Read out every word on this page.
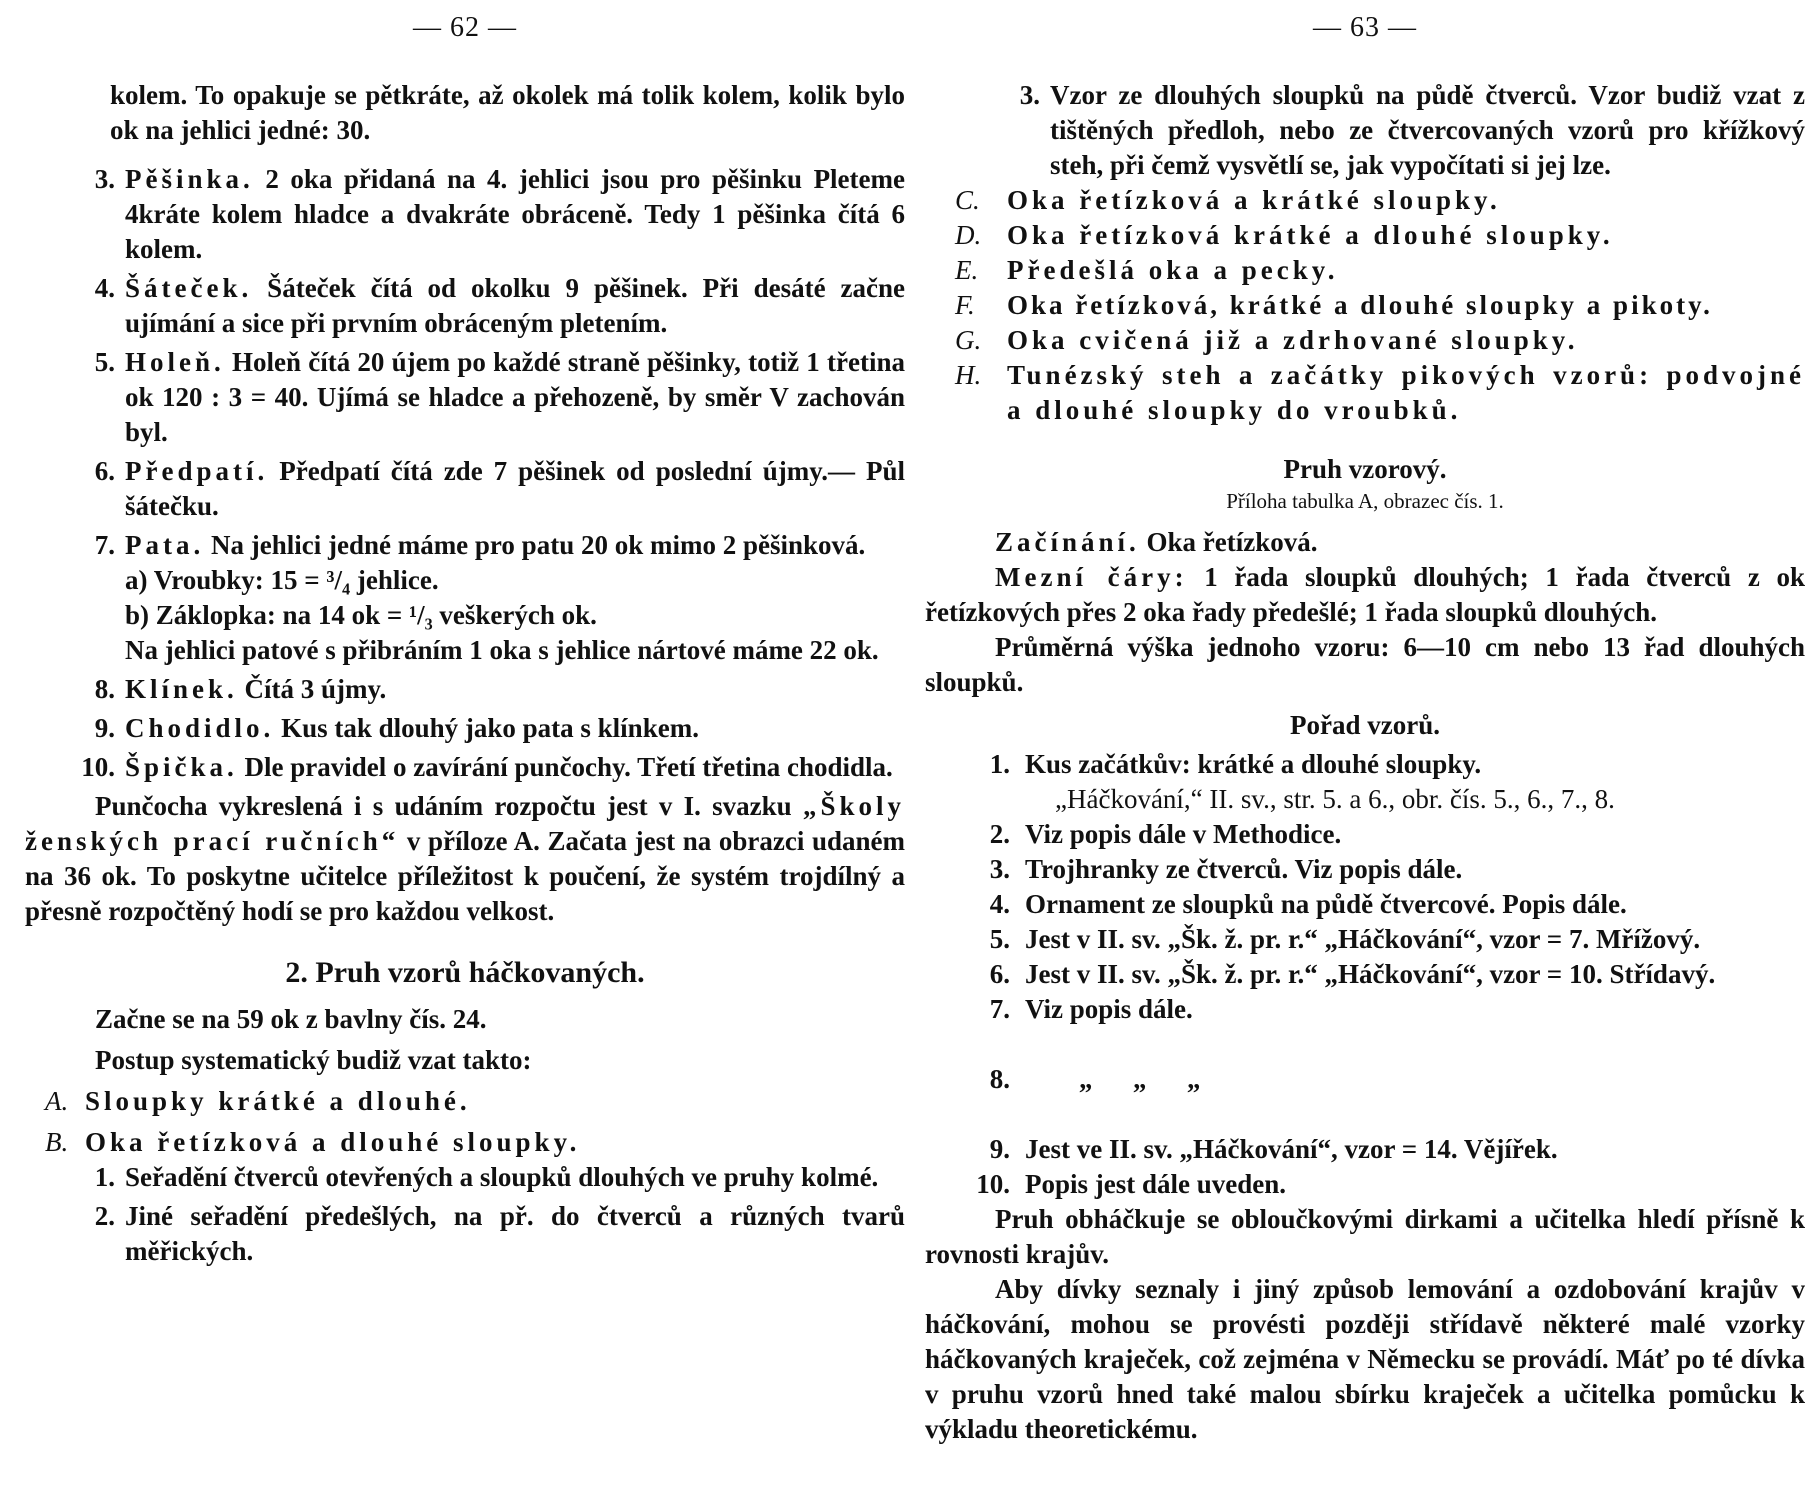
— 62 —
kolem. To opakuje se pětkráte, až okolek má tolik kolem, kolik bylo ok na jehlici jedné: 30.
3. Pěšinka. 2 oka přidaná na 4. jehlici jsou pro pěšinku Pleteme 4kráte kolem hladce a dvakráte obráceně. Tedy 1 pěšinka čítá 6 kolem.
4. Šáteček. Šáteček čítá od okolku 9 pěšinek. Při desáté začne ujímání a sice při prvním obráceným pletením.
5. Holeň. Holeň čítá 20 újem po každé straně pěšinky, totiž 1 třetina ok 120 : 3 = 40. Ujímá se hladce a přehozeně, by směr V zachován byl.
6. Předpatí. Předpatí čítá zde 7 pěšinek od poslední újmy.— Půl šátečku.
7. Pata. Na jehlici jedné máme pro patu 20 ok mimo 2 pěšinková.
a) Vroubky: 15 = ³/₄ jehlice.
b) Záklopka: na 14 ok = ¹/₃ veškerých ok.
Na jehlici patové s přibráním 1 oka s jehlice nártové máme 22 ok.
8. Klínek. Čítá 3 újmy.
9. Chodidlo. Kus tak dlouhý jako pata s klínkem.
10. Špička. Dle pravidel o zavírání punčochy. Třetí třetina chodidla.
Punčocha vykreslená i s udáním rozpočtu jest v I. svazku „Školy ženských prací ručních“ v příloze A. Začata jest na obrazci udaném na 36 ok. To poskytne učitelce příležitost k poučení, že systém trojdílný a přesně rozpočtěný hodí se pro každou velkost.
2. Pruh vzorů háčkovaných.
Začne se na 59 ok z bavlny čís. 24.
Postup systematický budiž vzat takto:
A. Sloupky krátké a dlouhé.
B. Oka řetízková a dlouhé sloupky.
1. Seřadění čtverců otevřených a sloupků dlouhých ve pruhy kolmé.
2. Jiné seřadění předešlých, na př. do čtverců a různých tvarů měřických.
— 63 —
3. Vzor ze dlouhých sloupků na půdě čtverců. Vzor budiž vzat z tištěných předloh, nebo ze čtvercovaných vzorů pro křížkový steh, při čemž vysvětlí se, jak vypočítati si jej lze.
C. Oka řetízková a krátké sloupky.
D. Oka řetízková krátké a dlouhé sloupky.
E. Předešlá oka a pecky.
F. Oka řetízková, krátké a dlouhé sloupky a pikoty.
G. Oka cvičená již a zdrhované sloupky.
H. Tunézský steh a začátky pikových vzorů: podvojné a dlouhé sloupky do vroubků.
Pruh vzorový.
Příloha tabulka A, obrazec čís. 1.
Začínání. Oka řetízková.
Mezní čáry: 1 řada sloupků dlouhých; 1 řada čtverců z ok řetízkových přes 2 oka řady předešlé; 1 řada sloupků dlouhých.
Průměrná výška jednoho vzoru: 6—10 cm nebo 13 řad dlouhých sloupků.
Pořad vzorů.
1. Kus začátkův: krátké a dlouhé sloupky.
„Háčkování,“ II. sv., str. 5. a 6., obr. čís. 5., 6., 7., 8.
2. Viz popis dále v Methodice.
3. Trojhranky ze čtverců. Viz popis dále.
4. Ornament ze sloupků na půdě čtvercové. Popis dále.
5. Jest v II. sv. „Šk. ž. pr. r.“ „Háčkování“, vzor = 7. Mřížový.
6. Jest v II. sv. „Šk. ž. pr. r.“ „Háčkování“, vzor = 10. Střídavý.
7. Viz popis dále.

8.	„      „      „

9. Jest ve II. sv. „Háčkování“, vzor = 14. Vějířek.
10. Popis jest dále uveden.
Pruh obháčkuje se obloučkovými dirkami a učitelka hledí přísně k rovnosti krajův.
Aby dívky seznaly i jiný způsob lemování a ozdobování krajův v háčkování, mohou se provésti později střídavě některé malé vzorky háčkovaných kraječek, což zejména v Německu se provádí. Máť po té dívka v pruhu vzorů hned také malou sbírku kraječek a učitelka pomůcku k výkladu theoretickému.
